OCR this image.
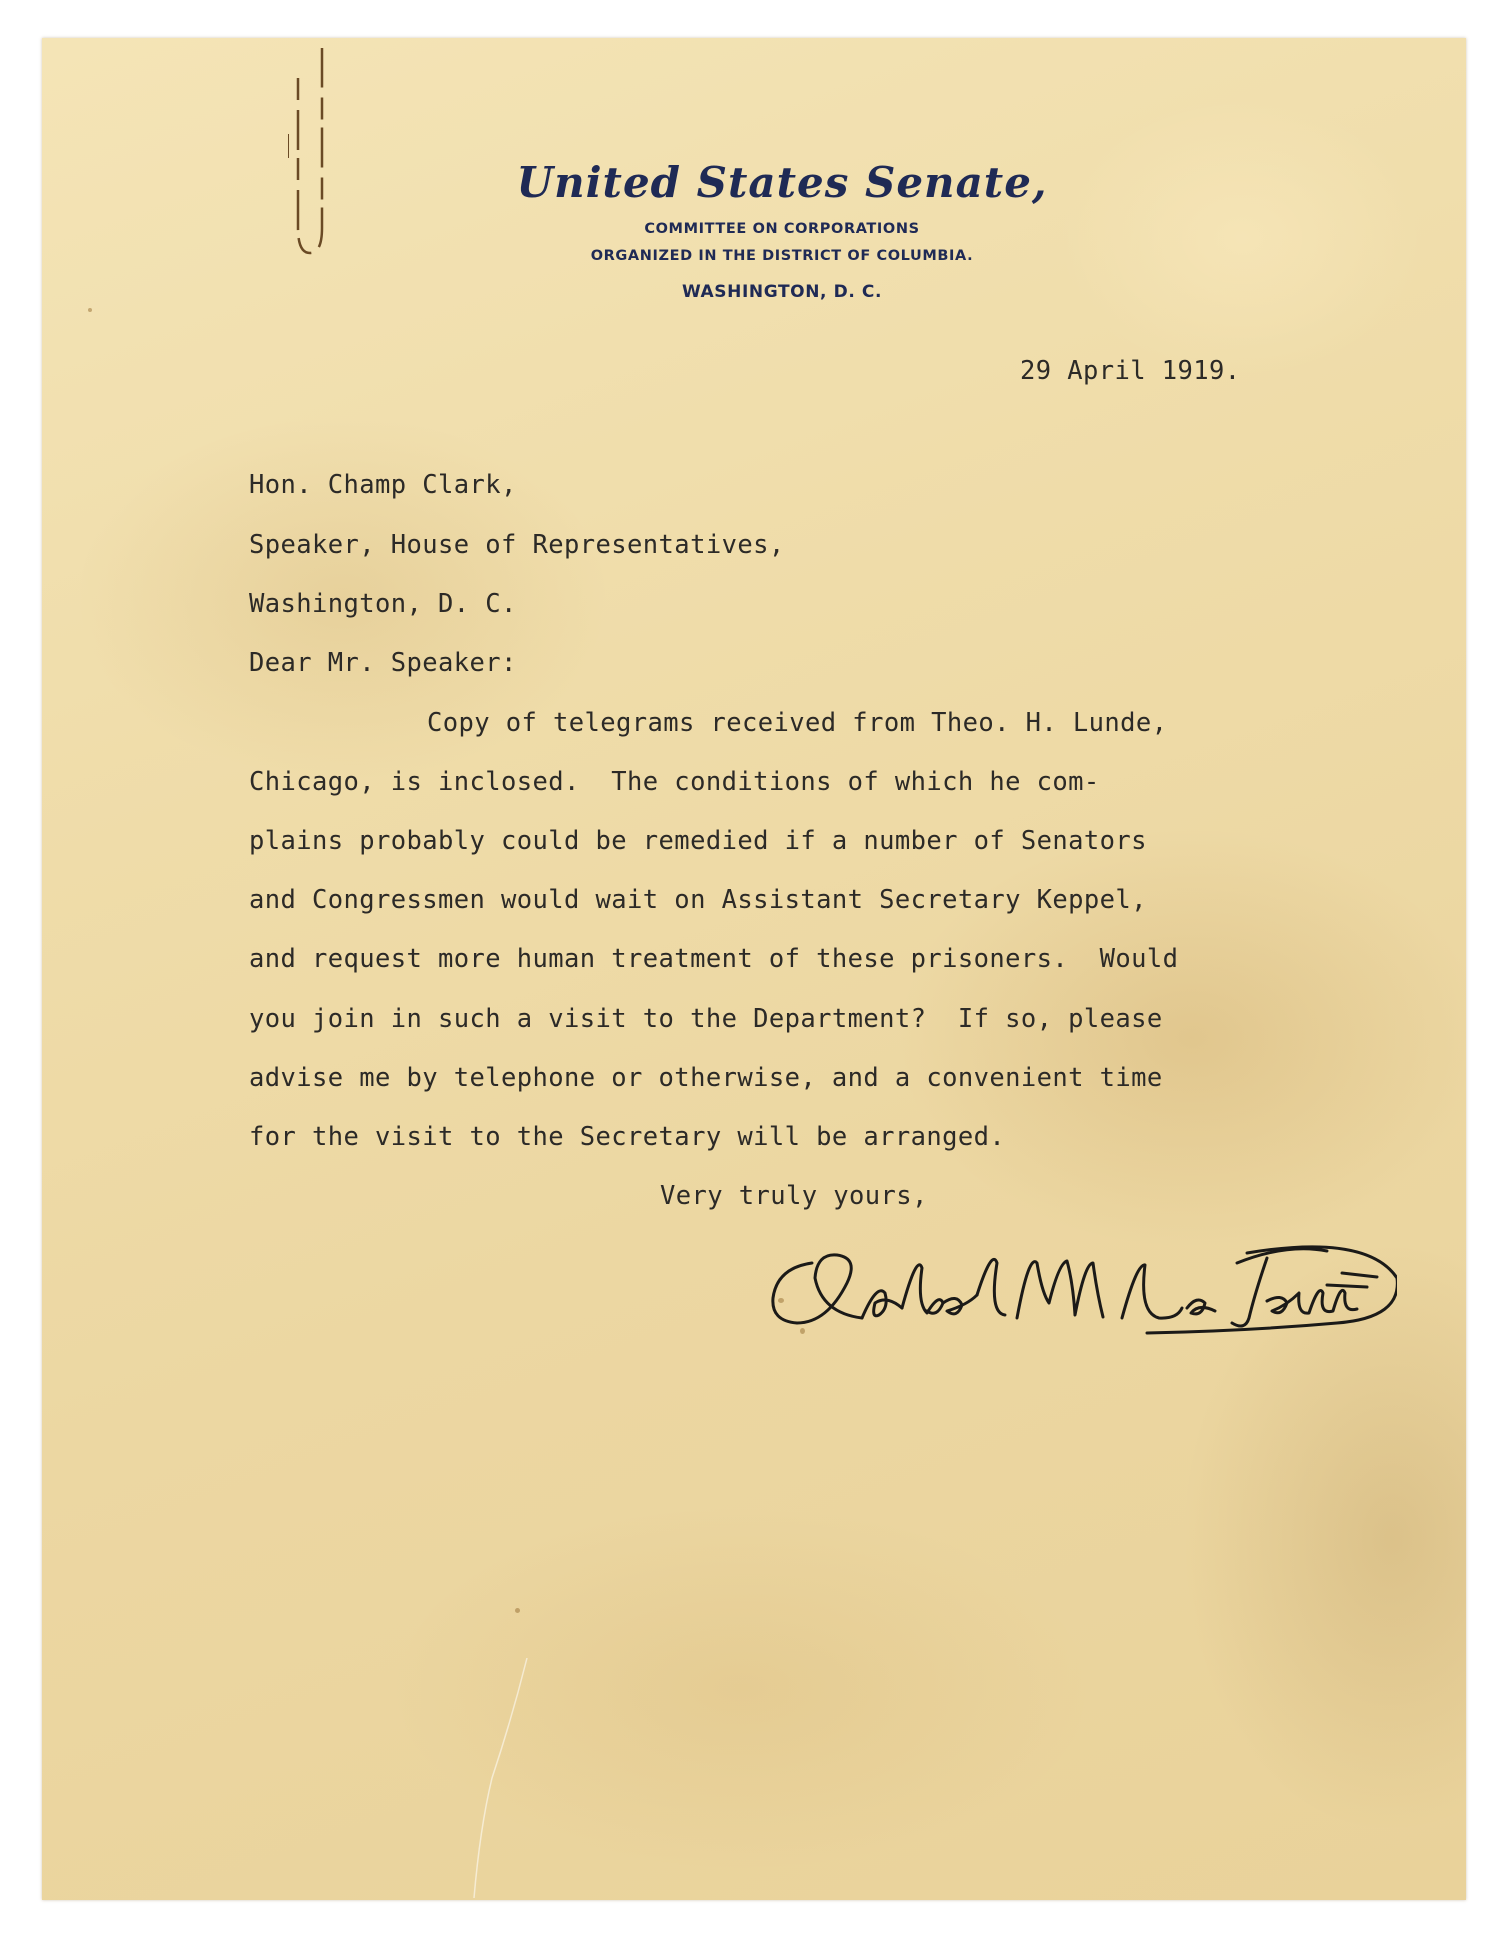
United States Senate,
COMMITTEE ON CORPORATIONS
ORGANIZED IN THE DISTRICT OF COLUMBIA.
WASHINGTON, D. C.
29 April 1919.
Hon. Champ Clark,
Speaker, House of Representatives,
Washington, D. C.
Dear Mr. Speaker:
Copy of telegrams received from Theo. H. Lunde,
Chicago, is inclosed.  The conditions of which he com-
plains probably could be remedied if a number of Senators
and Congressmen would wait on Assistant Secretary Keppel,
and request more human treatment of these prisoners.  Would
you join in such a visit to the Department?  If so, please
advise me by telephone or otherwise, and a convenient time
for the visit to the Secretary will be arranged.
Very truly yours,
